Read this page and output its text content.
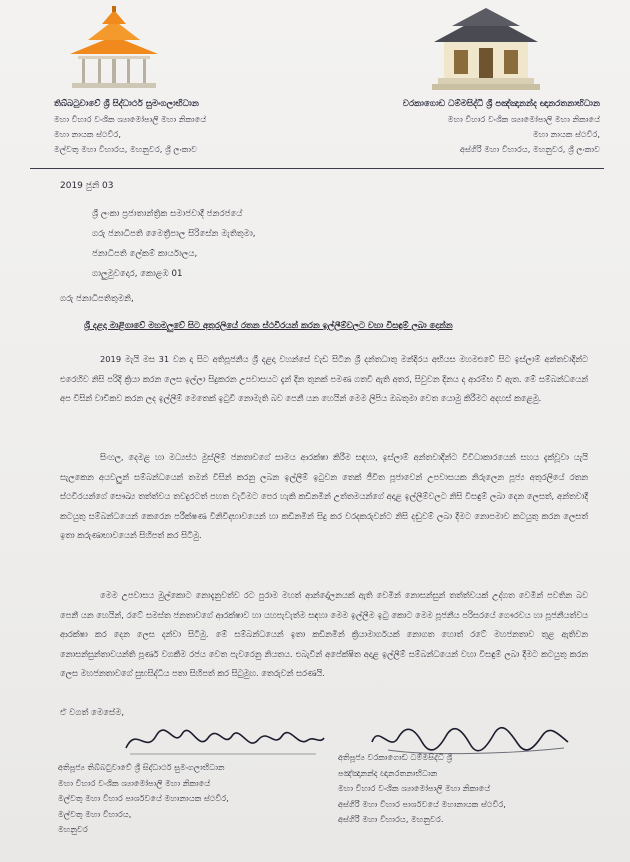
තිබ්බටුවාවේ ශ්‍රී සිද්ධාර්ථ සුමංගලාභිධාන
මහා විහාර වංශික ශ්‍යාමෝපාලි මහා නිකායේ
මහා නායක ස්ථවිර,
මල්වතු මහා විහාරය, මහනුවර, ශ්‍රී ලංකාව
වරකාගොඩ ධම්මසිද්ධි ශ්‍රී පඤ්ඤානන්ද ඥානරතනාභිධාන
මහා විහාර වංශික ශ්‍යාමෝපාලි මහා නිකායේ
මහා නායක ස්ථවිර,
අස්ගිරි මහා විහාරය, මහනුවර, ශ්‍රී ලංකාව
2019 ජුනි 03
ශ්‍රී ලංකා ප්‍රජාතාන්ත්‍රික සමාජවාදී ජනරජයේ
ගරු ජනාධිපති මෛත්‍රීපාල සිරිසේන මැතිතුමා,
ජනාධිපති ලේකම් කාර්යාලය,
ගාලුමුවදොර, කොළඹ 01
ගරු ජනාධිපතිතුමනි,
ශ්‍රී දළදා මාළිගාවේ මහමලුවේ සිට අතුරලියේ රතන ස්ථවිරයන් කරන ඉල්ලීම්වලට වහා විසඳුම් ලබා දෙන්න
2019 මැයි මස 31 වන දා සිට අතිපූජනීය ශ්‍රී දළදා වහන්සේ වැඩ සිටින ශ්‍රී දන්තධාතු මන්දිරය අභියස මහමළුවේ සිට ඉස්ලාම් අන්තවාදීන්ට එරෙහිව නිසි පරිදි ක්‍රියා කරන ලෙස ඉල්ලා සිදුකරන උපවාසයට දැන් දින තුනක් පමණ ගතවී ඇති අතර, සිවුවන දිනය ද ආරම්භ වී ඇත. මේ සම්බන්ධයෙන් අප විසින් වාචිකව කරන ලද ඉල්ලීම් මෙතෙක් ඉටුවී නොමැති බව පෙනී යන හෙයින් මෙම ලිපිය ඔබතුමා වෙත යොමු කිරීමට අදහස් කළෙමු.
සිංහල, දෙමළ හා මධ්‍යස්ථ මුස්ලිම් ජනතාවගේ සාමය ආරක්ෂා කිරීම සඳහා, ඉස්ලාම් අන්තවාදීන්ට විවිධාකාරයෙන් සහය දැක්වූවා යැයි සැලකෙන අයවලුන් සම්බන්ධයෙන් තමන් විසින් කරනු ලබන ඉල්ලීම් ඉටුවන තෙක් ජීවිත පූජාවෙන් උපවාසයක නිරුලෙන පූජ්‍ය අතුරලියේ රතන ස්ථවිරයන්ගේ සෞඛ්‍ය තත්ත්වය තවදුරටත් පහත වැටීමට පෙර හැකි කඩිනමින් උත්තමයන්ගේ අදාළ ඉල්ලීම්වලට නිසි විසඳුම් ලබා දෙන ලෙසත්, අන්තවාදී කටයුතු සම්බන්ධයෙන් කෙරෙන පරීක්ෂණ විනිවිදභාවයෙන් හා කඩිනමින් සිදු කර වරදකරුවන්ට නිසි දඬුවම් ලබා දීමට නොපමාව කටයුතු කරන ලෙසත් ඉතා කරුණාභාවයෙන් සිහිපත් කර සිටිමු.
මෙම උපවාසය මුල්කොට නොදැනුවත්ව රට පුරාම මහත් ආන්දෝලනයක් ඇති වෙමින් නොසන්සුන් තත්ත්වයක් උද්ගත වෙමින් පවතින බව පෙනී යන හෙයින්, රටේ සමස්ත ජනතාවගේ ආරක්ෂාව හා යහපැවැත්ම සඳහා මෙම ඉල්ලීම ඉටු කොට මෙම පූජනීය පරිසරයේ ගෞරවය හා පූජනීයත්වය ආරක්ෂා කර දෙන ලෙස දන්වා සිටිමු. මේ සම්බන්ධයෙන් ඉතා කඩිනමින් ක්‍රියාමාර්ගයක් නොගත හොත් රටේ මහජනතාව තුළ ඇතිවන නොසන්සුන්තාවයන්ති පූර්ණ වගකීම රජය වෙත පැවරෙනු නියතය. එබැවින් අපේක්ෂිත අදාළ ඉල්ලීම් සම්බන්ධයෙන් වහා විසඳුම් ලබා දීමට කටයුතු කරන ලෙස මහජනතාවගේ සුභසිද්ධිය පතා සිහිපත් කර සිටුමුහ. තෙරුවන් සරණයි.
ඒ වගත් මෙසේම,
අතිපූජ්‍ය තිබ්බටුවාවේ ශ්‍රී සිද්ධාර්ථ සුමංගලාභිධාන
මහා විහාර වංශික ශ්‍යාමෝපාලි මහා නිකායේ
මල්වතු මහා විහාර පාර්ශවයේ මහානායක ස්ථවිර,
මල්වතු මහා විහාරය,
මහනුවර
අතිපූජ්‍ය වරකාගොඩ ධම්මසිද්ධි ශ්‍රී
පඤ්ඤානන්ද ඥානරතනාභිධාන
මහා විහාර වංශික ශ්‍යාමෝපාලි මහා නිකායේ
අස්ගිරි මහා විහාර පාර්ශවයේ මහානායක ස්ථවිර,
අස්ගිරි මහා විහාරය, මහනුවර.
